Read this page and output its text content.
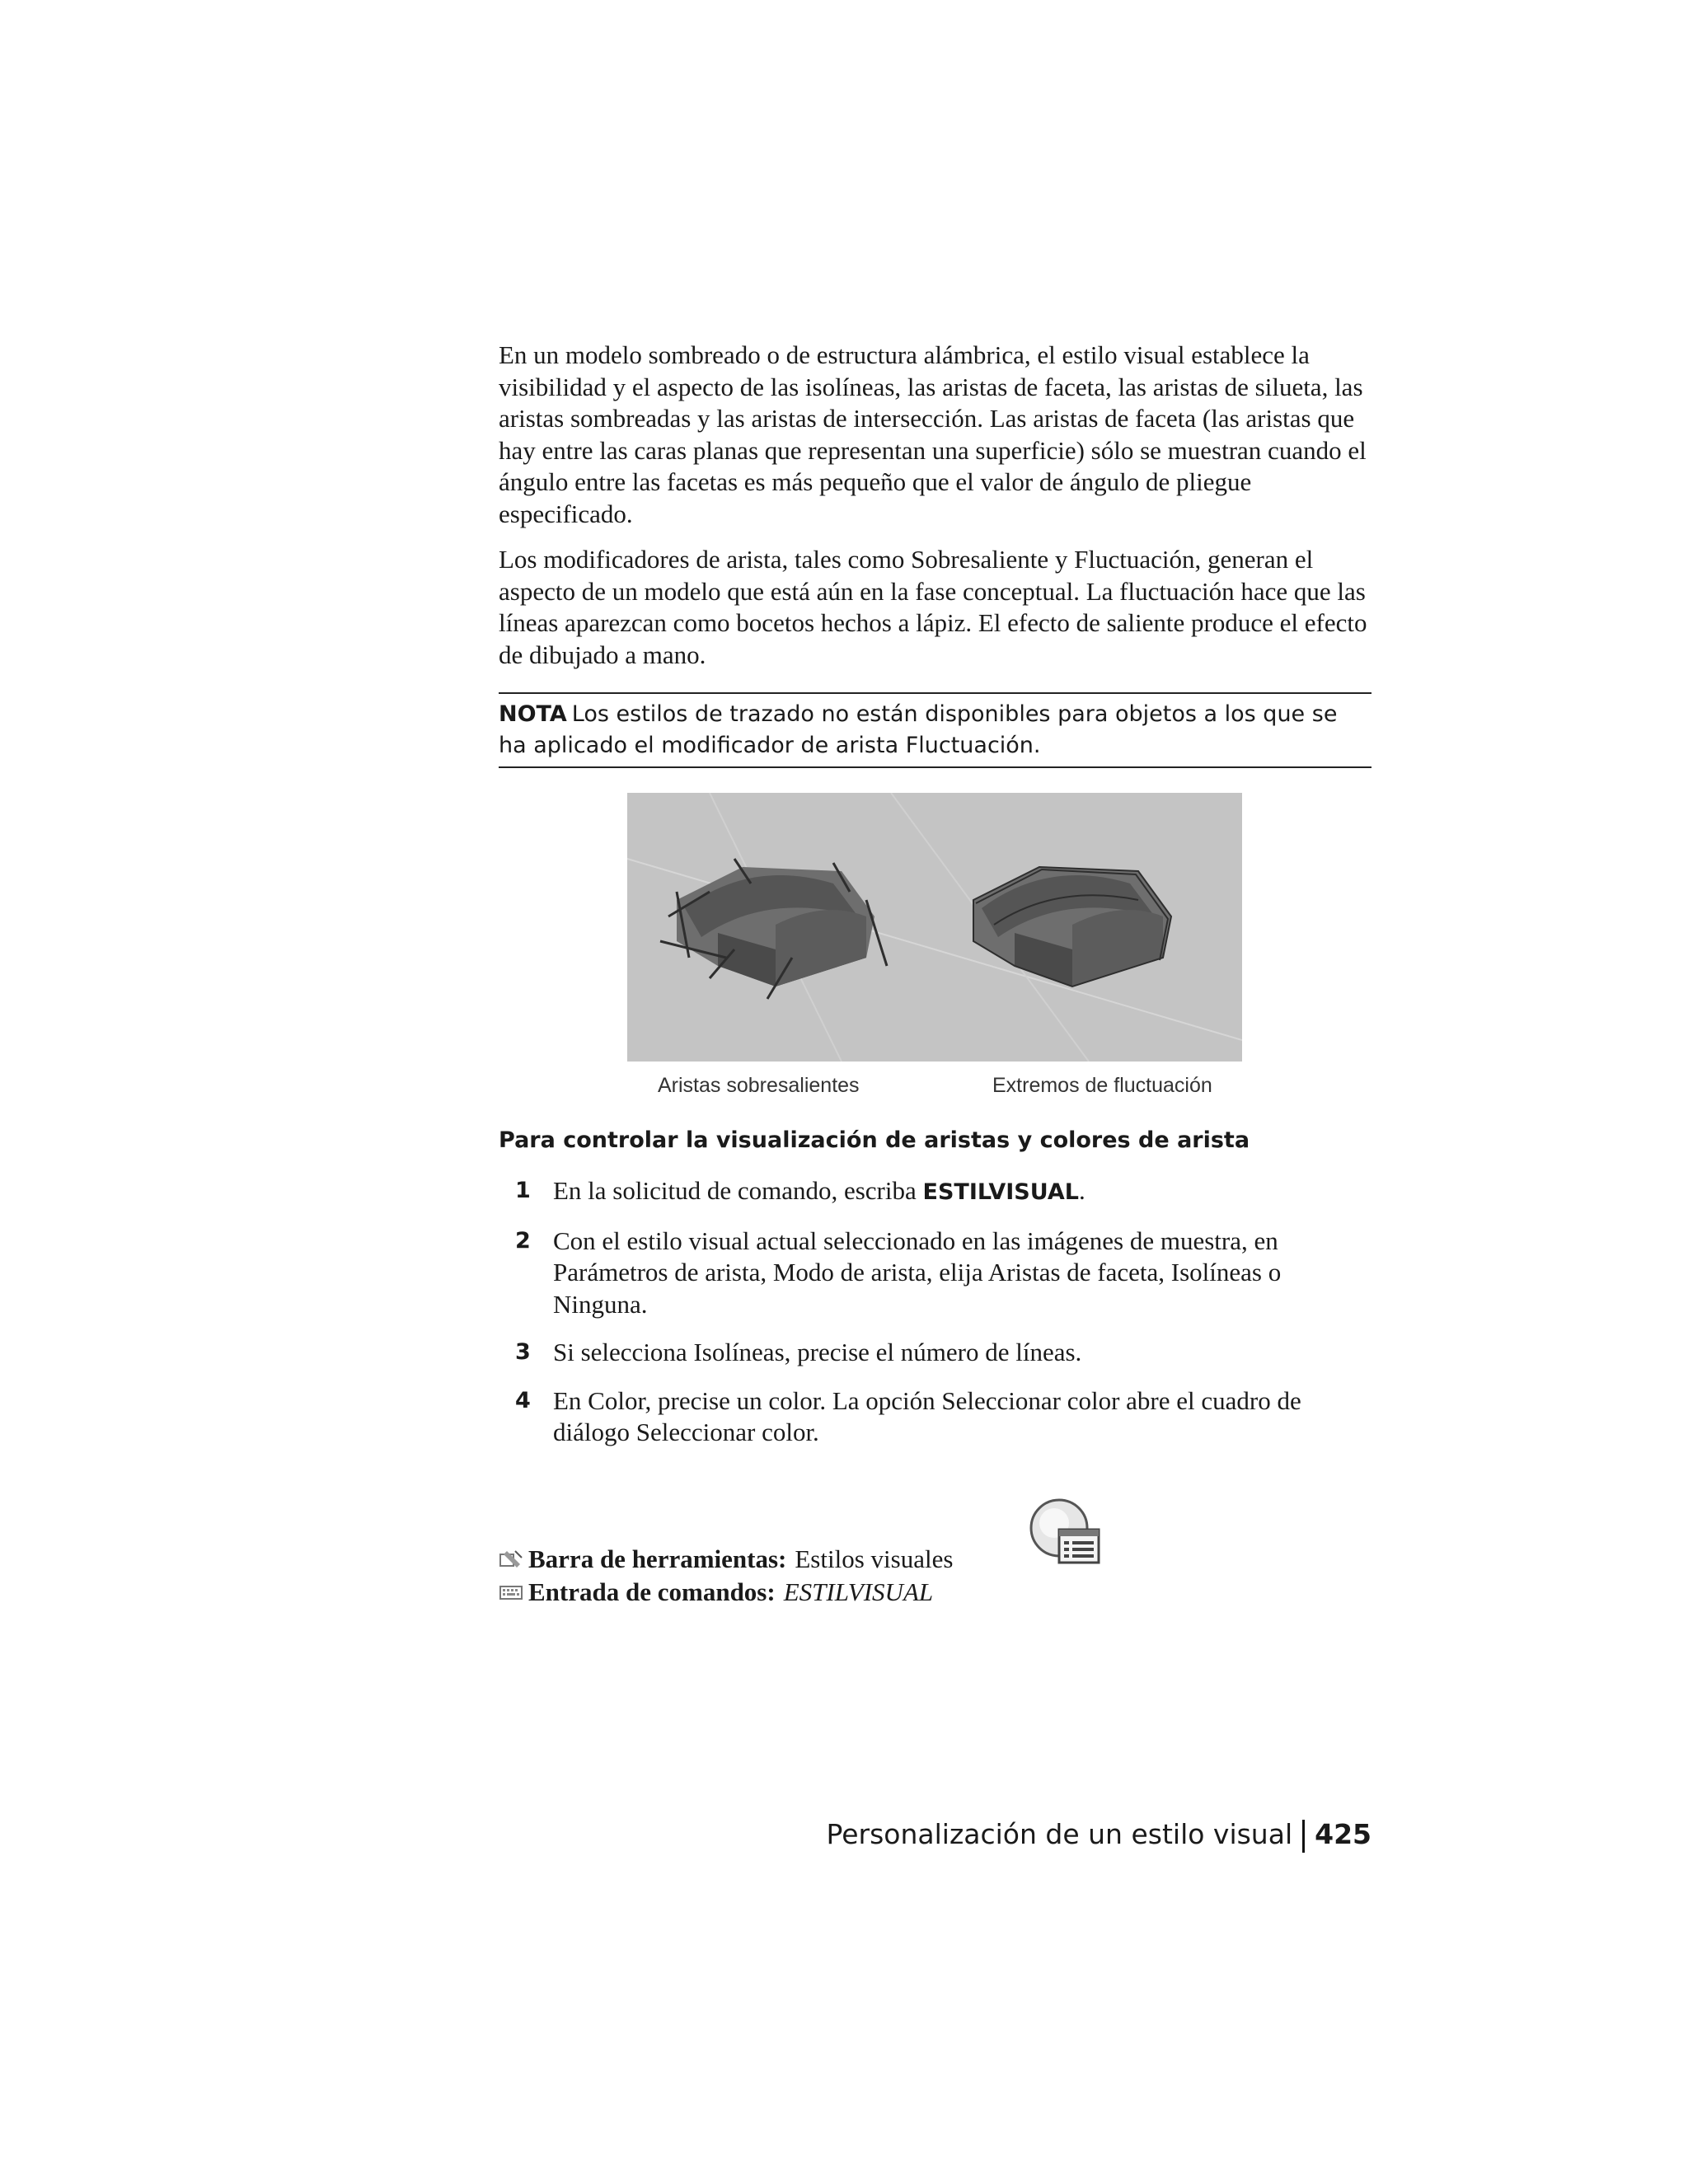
En un modelo sombreado o de estructura alámbrica, el estilo visual establece la visibilidad y el aspecto de las isolíneas, las aristas de faceta, las aristas de silueta, las aristas sombreadas y las aristas de intersección. Las aristas de faceta (las aristas que hay entre las caras planas que representan una superficie) sólo se muestran cuando el ángulo entre las facetas es más pequeño que el valor de ángulo de pliegue especificado.

Los modificadores de arista, tales como Sobresaliente y Fluctuación, generan el aspecto de un modelo que está aún en la fase conceptual. La fluctuación hace que las líneas aparezcan como bocetos hechos a lápiz. El efecto de saliente produce el efecto de dibujado a mano.

NOTA Los estilos de trazado no están disponibles para objetos a los que se ha aplicado el modificador de arista Fluctuación.
Aristas sobresalientes	Extremos de fluctuación
Para controlar la visualización de aristas y colores de arista
1 En la solicitud de comando, escriba ESTILVISUAL.
2 Con el estilo visual actual seleccionado en las imágenes de muestra, en Parámetros de arista, Modo de arista, elija Aristas de faceta, Isolíneas o Ninguna.
3 Si selecciona Isolíneas, precise el número de líneas.
4 En Color, precise un color. La opción Seleccionar color abre el cuadro de diálogo Seleccionar color.
Barra de herramientas: Estilos visuales
Entrada de comandos: ESTILVISUAL
Personalización de un estilo visual 425
